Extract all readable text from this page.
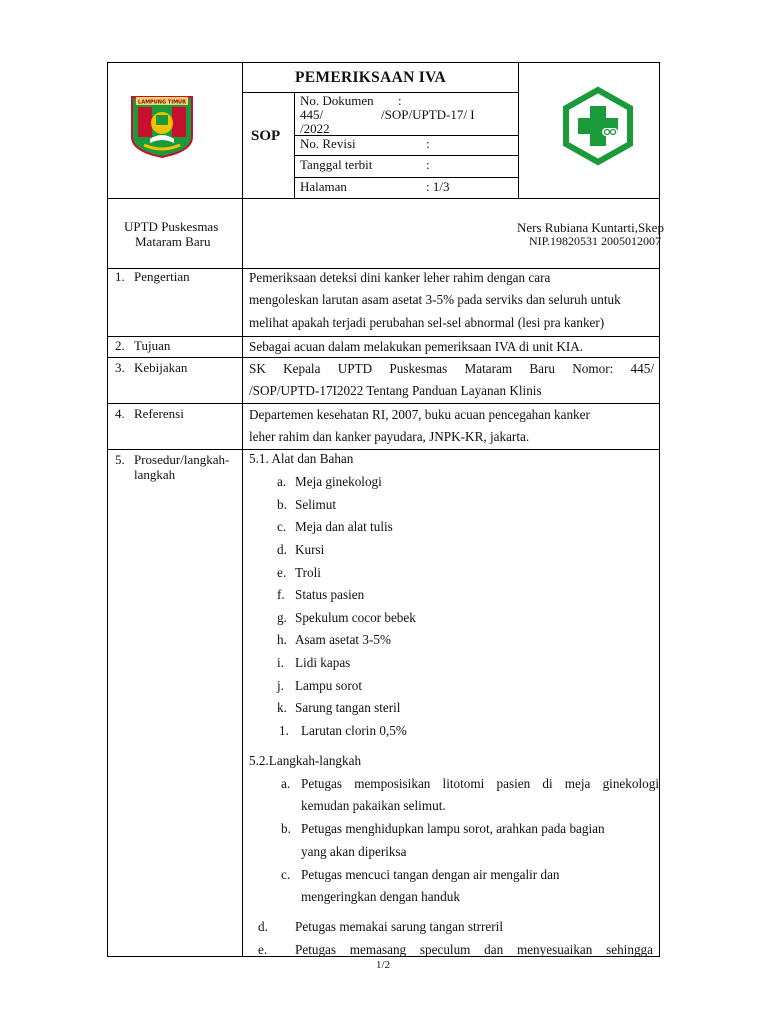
LAMPUNG TIMUR
PEMERIKSAAN IVA
SOP
No. Dokumen :
445/	/SOP/UPTD-17/ I
/2022
No. Revisi	:
Tanggal terbit	:
Halaman	: 1/3
UPTD Puskesmas
Mataram Baru
Ners Rubiana Kuntarti,Skep
NIP.19820531 2005012007
1. Pengertian	Pemeriksaan deteksi dini kanker leher rahim dengan cara
mengoleskan larutan asam asetat 3-5% pada serviks dan seluruh untuk
melihat apakah terjadi perubahan sel-sel abnormal (lesi pra kanker)
2. Tujuan	Sebagai acuan dalam melakukan pemeriksaan IVA di unit KIA.
3. Kebijakan	SK Kepala UPTD Puskesmas Mataram Baru Nomor: 445/
/SOP/UPTD-17I2022 Tentang Panduan Layanan Klinis
4. Referensi	Departemen kesehatan RI, 2007, buku acuan pencegahan kanker
leher rahim dan kanker payudara, JNPK-KR, jakarta.
5. Prosedur/langkah-
langkah
5.1. Alat dan Bahan
a. Meja ginekologi
b. Selimut
c. Meja dan alat tulis
d. Kursi
e. Troli
f. Status pasien
g. Spekulum cocor bebek
h. Asam asetat 3-5%
i. Lidi kapas
j. Lampu sorot
k. Sarung tangan steril
1. Larutan clorin 0,5%
5.2.Langkah-langkah
a. Petugas memposisikan litotomi pasien di meja ginekologi
kemudan pakaikan selimut.
b. Petugas menghidupkan lampu sorot, arahkan pada bagian
yang akan diperiksa
c. Petugas mencuci tangan dengan air mengalir dan
mengeringkan dengan handuk
d. Petugas memakai sarung tangan strreril
e. Petugas memasang speculum dan menyesuaikan sehingga
1/2
